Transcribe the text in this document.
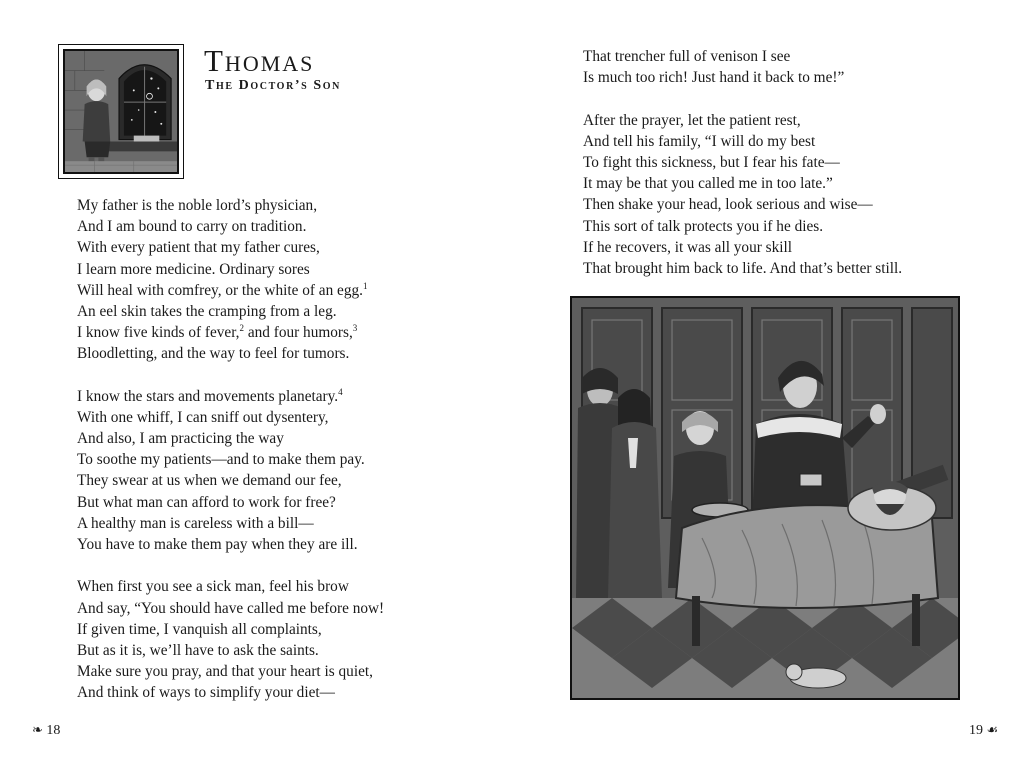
Thomas
The Doctor’s Son
My father is the noble lord’s physician,
And I am bound to carry on tradition.
With every patient that my father cures,
I learn more medicine. Ordinary sores
Will heal with comfrey, or the white of an egg.$^1$
An eel skin takes the cramping from a leg.
I know five kinds of fever,$^2$ and four humors,$^3$
Bloodletting, and the way to feel for tumors.
I know the stars and movements planetary.$^4$
With one whiff, I can sniff out dysentery,
And also, I am practicing the way
To soothe my patients—and to make them pay.
They swear at us when we demand our fee,
But what man can afford to work for free?
A healthy man is careless with a bill—
You have to make them pay when they are ill.
When first you see a sick man, feel his brow
And say, “You should have called me before now!
If given time, I vanquish all complaints,
But as it is, we’ll have to ask the saints.
Make sure you pray, and that your heart is quiet,
And think of ways to simplify your diet—
❧ 18
That trencher full of venison I see
Is much too rich! Just hand it back to me!”
After the prayer, let the patient rest,
And tell his family, “I will do my best
To fight this sickness, but I fear his fate—
It may be that you called me in too late.”
Then shake your head, look serious and wise—
This sort of talk protects you if he dies.
If he recovers, it was all your skill
That brought him back to life. And that’s better still.
19 ☙
